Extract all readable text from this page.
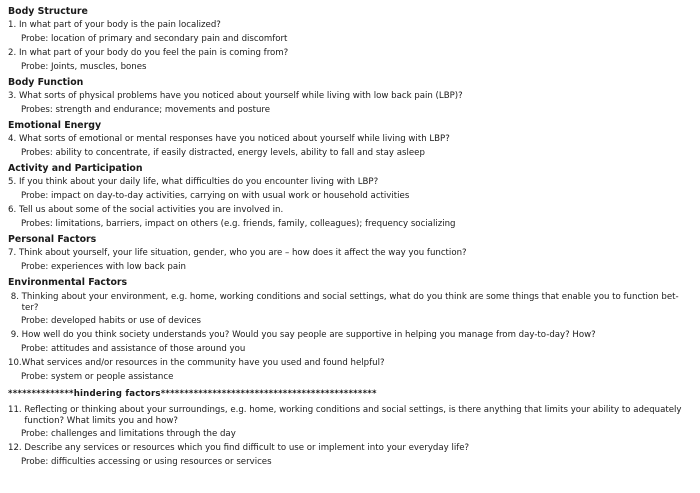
Body Structure
1. In what part of your body is the pain localized?
Probe: location of primary and secondary pain and discomfort
2. In what part of your body do you feel the pain is coming from?
Probe: Joints, muscles, bones
Body Function
3. What sorts of physical problems have you noticed about yourself while living with low back pain (LBP)?
Probes: strength and endurance; movements and posture
Emotional Energy
4. What sorts of emotional or mental responses have you noticed about yourself while living with LBP?
Probes: ability to concentrate, if easily distracted, energy levels, ability to fall and stay asleep
Activity and Participation
5. If you think about your daily life, what difficulties do you encounter living with LBP?
Probe: impact on day-to-day activities, carrying on with usual work or household activities
6. Tell us about some of the social activities you are involved in.
Probes: limitations, barriers, impact on others (e.g. friends, family, colleagues); frequency socializing
Personal Factors
7. Think about yourself, your life situation, gender, who you are – how does it affect the way you function?
Probe: experiences with low back pain
Environmental Factors
8. Thinking about your environment, e.g. home, working conditions and social settings, what do you think are some things that enable you to function bet-ter?
Probe: developed habits or use of devices
9. How well do you think society understands you? Would you say people are supportive in helping you manage from day-to-day? How?
Probe: attitudes and assistance of those around you
10. What services and/or resources in the community have you used and found helpful?
Probe: system or people assistance
**************hindering factors**********************************************
11. Reflecting or thinking about your surroundings, e.g. home, working conditions and social settings, is there anything that limits your ability to adequately function? What limits you and how?
Probe: challenges and limitations through the day
12. Describe any services or resources which you find difficult to use or implement into your everyday life?
Probe: difficulties accessing or using resources or services
